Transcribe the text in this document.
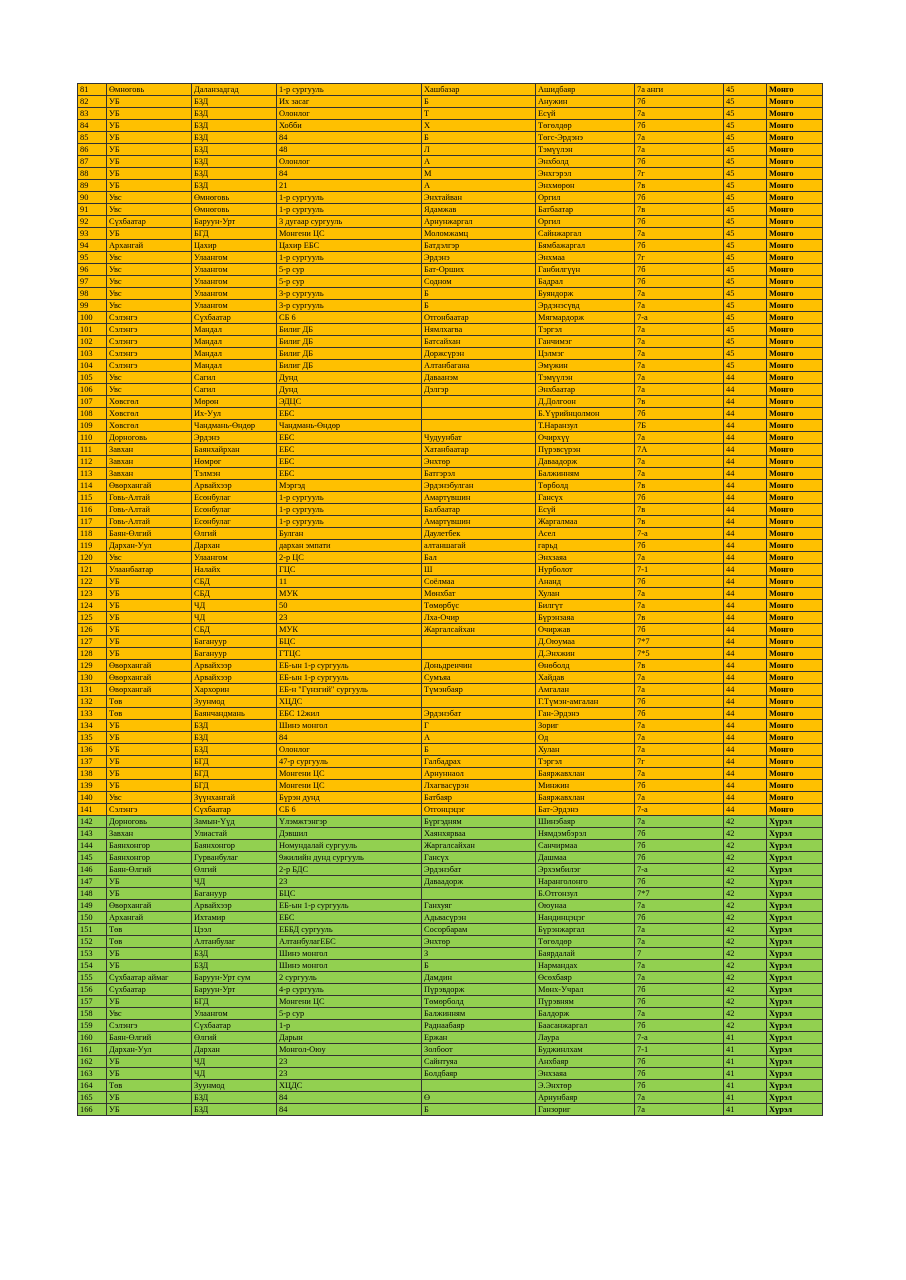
81	Өмнөговь	Даланзадгад	1-р сургууль	Хашбазар	Ашидбаяр	7а анги	45	Монго
82	УБ	БЗД	Их засаг	Б	Анужин	7б	45	Монго
83	УБ	БЗД	Олонлог	Т	Есүй	7а	45	Монго
84	УБ	БЗД	Хобби	Х	Төгөлдөр	7б	45	Монго
85	УБ	БЗД	84	Б	Төгс-Эрдэнэ	7а	45	Монго
86	УБ	БЗД	48	Л	Тэмүүлэн	7а	45	Монго
87	УБ	БЗД	Олонлог	А	Энхболд	7б	45	Монго
88	УБ	БЗД	84	М	Энхгэрэл	7г	45	Монго
89	УБ	БЗД	21	А	Энхмөрөн	7в	45	Монго
90	Увс	Өмнөговь	1-р сургууль	Энхтайван	Оргил	7б	45	Монго
91	Увс	Өмнөговь	1-р сургууль	Ядамжав	Батбаатар	7в	45	Монго
92	Сүхбаатар	Баруун-Урт	3 дугаар сургууль	Арнунжаргал	Оргил	7б	45	Монго
93	УБ	БГД	Монгени ЦС	Моломжамц	Сайнжаргал	7а	45	Монго
94	Архангай	Цахир	Цахир ЕБС	Батдэлгэр	Бямбажаргал	7б	45	Монго
95	Увс	Улаангом	1-р сургууль	Эрдэнэ	Энхмаа	7г	45	Монго
96	Увс	Улаангом	5-р сур	Бат-Орших	Ганбилгүүн	7б	45	Монго
97	Увс	Улаангом	5-р сур	Содном	Бадрал	7б	45	Монго
98	Увс	Улаангом	3-р сургууль	Б	Буяндорж	7а	45	Монго
99	Увс	Улаангом	3-р сургууль	Б	Эрдэнэсүвд	7а	45	Монго
100	Сэлэнгэ	Сүхбаатар	СБ 6	Отгонбаатар	Мягмардорж	7-а	45	Монго
101	Сэлэнгэ	Мандал	Билиг ДБ	Нямлхагва	Тэргэл	7а	45	Монго
102	Сэлэнгэ	Мандал	Билиг ДБ	Батсайхан	Ганчимэг	7а	45	Монго
103	Сэлэнгэ	Мандал	Билиг ДБ	Доржсүрэн	Цэлмэг	7а	45	Монго
104	Сэлэнгэ	Мандал	Билиг ДБ	Алтанбагана	Эмүжин	7а	45	Монго
105	Увс	Сагил	Дунд	Даваанэм	Тэмүүлэн	7а	44	Монго
106	Увс	Сагил	Дунд	Дэлгэр	Энхбаатар	7а	44	Монго
107	Хөвсгөл	Мөрөн	ЭДЦС		Д.Долгоон	7в	44	Монго
108	Хөвсгөл	Их-Уул	ЕБС		Б.Үүрийнцолмон	7б	44	Монго
109	Хөвсгөл	Чандмань-Өндөр	Чандмань-Өндөр		Т.Наранзул	7Б	44	Монго
110	Дорноговь	Эрдэнэ	ЕБС	Чудуунбат	Очирхүү	7а	44	Монго
111	Завхан	Баянхайрхан	ЕБС	Хатанбаатар	Пүрэвсүрэн	7А	44	Монго
112	Завхан	Нөмрөг	ЕБС	Энхтөр	Даваадорж	7а	44	Монго
113	Завхан	Тэлмэн	ЕБС	Батгэрэл	Балжинням	7а	44	Монго
114	Өвөрхангай	Арвайхээр	Мэргэд	Эрдэнэбулган	Төрболд	7в	44	Монго
115	Говь-Алтай	Есөнбулаг	1-р сургууль	Амартүвшин	Гансүх	7б	44	Монго
116	Говь-Алтай	Есөнбулаг	1-р сургууль	Балбаатар	Есүй	7в	44	Монго
117	Говь-Алтай	Есөнбулаг	1-р сургууль	Амартүвшин	Жаргалмаа	7в	44	Монго
118	Баян-Өлгий	Өлгий	Булган	Даулетбек	Асел	7-а	44	Монго
119	Дархан-Уул	Дархан	дархан эмпати	алтаншагай	гарьд	7б	44	Монго
120	Увс	Улаангом	2-р ЦС	Бал	Энхзаяа	7а	44	Монго
121	Улаанбаатар	Налайх	ГЦС	Ш	Нурболот	7-1	44	Монго
122	УБ	СБД	11	Соёлмаа	Ананд	7б	44	Монго
123	УБ	СБД	МУК	Мөнхбат	Хулан	7а	44	Монго
124	УБ	ЧД	50	Төмөрбүс	Билгүт	7а	44	Монго
125	УБ	ЧД	23	Лха-Очир	Бүрэнзаяа	7в	44	Монго
126	УБ	СБД	МУК	Жаргалсайхан	Очиржав	7б	44	Монго
127	УБ	Багануур	БЦС		Д.Оюумаа	7*7	44	Монго
128	УБ	Багануур	ГТЦС		Д.Энхжин	7*5	44	Монго
129	Өвөрхангай	Арвайхээр	ЕБ-ын 1-р сургууль	Доньдренчин	Өнөболд	7в	44	Монго
130	Өвөрхангай	Арвайхээр	ЕБ-ын 1-р сургууль	Сумъяа	Хайдав	7а	44	Монго
131	Өвөрхангай	Хархорин	ЕБ-н "Гүнзгий" сургууль	Түмэнбаяр	Амгалан	7а	44	Монго
132	Төв	Зуунмод	ХЦДС		Г.Түмэн-амгалан	7б	44	Монго
133	Төв	Баянчандмань	ЕБС 12жил	Эрдэнэбат	Ган-Эрдэнэ	7б	44	Монго
134	УБ	БЗД	Шинэ монгол	Г	Зориг	7а	44	Монго
135	УБ	БЗД	84	А	Од	7а	44	Монго
136	УБ	БЗД	Олонлог	Б	Хулан	7а	44	Монго
137	УБ	БГД	47-р сургууль	Галбадрах	Тэргэл	7г	44	Монго
138	УБ	БГД	Монгени ЦС	Арнуннаол	Баяржавхлан	7а	44	Монго
139	УБ	БГД	Монгени ЦС	Лхагвасүрэн	Минжин	7б	44	Монго
140	Увс	Зүүнхангай	Бүрэн дунд	Батбаяр	Баяржавхлан	7а	44	Монго
141	Сэлэнгэ	Сүхбаатар	СБ 6	Отгонцэцэг	Бат-Эрдэнэ	7-а	44	Монго
142	Дорноговь	Замын-Үүд	Үлэмжтэнгэр	Бүргэдням	Шинэбаяр	7а	42	Хүрэл
143	Завхан	Улиастай	Дэвшил	Хаянхярваа	Нямдэмбэрэл	7б	42	Хүрэл
144	Баянхонгор	Баянхонгор	Номундалай сургууль	Жаргалсайхан	Санчирмаа	7б	42	Хүрэл
145	Баянхонгор	Гурванбулаг	9жилийн дунд сургууль	Гансүх	Дашмаа	7б	42	Хүрэл
146	Баян-Өлгий	Өлгий	2-р БДС	Эрдэнэбат	Эрхэмбилэг	7-а	42	Хүрэл
147	УБ	ЧД	23	Даваадорж	Наранголонго	7б	42	Хүрэл
148	УБ	Багануур	БЦС		Б.Отгонзул	7*7	42	Хүрэл
149	Өвөрхангай	Арвайхээр	ЕБ-ын 1-р сургууль	Ганхуяг	Оюунаа	7а	42	Хүрэл
150	Архангай	Ихтамир	ЕБС	Адьвасүрэн	Нандинцэцэг	7б	42	Хүрэл
151	Төв	Цээл	ЕББД сургууль	Сосорбарам	Бүрэнжаргал	7а	42	Хүрэл
152	Төв	Алтанбулаг	АлтанбулагЕБС	Энхтөр	Төгөлдөр	7а	42	Хүрэл
153	УБ	БЗД	Шинэ монгол	З	Баярдалай	7	42	Хүрэл
154	УБ	БЗД	Шинэ монгол	Б	Нармандах	7а	42	Хүрэл
155	Сүхбаатар аймаг	Баруун-Урт сум	2 сургууль	Дамдин	Өсөхбаяр	7а	42	Хүрэл
156	Сүхбаатар	Баруун-Урт	4-р сургууль	Пүрэвдорж	Мөнх-Учрал	7б	42	Хүрэл
157	УБ	БГД	Монгени ЦС	Төмөрболд	Пүрэвням	7б	42	Хүрэл
158	Увс	Улаангом	5-р сур	Балжинням	Балдорж	7а	42	Хүрэл
159	Сэлэнгэ	Сүхбаатар	1-р	Раднаабаяр	Баасанжаргал	7б	42	Хүрэл
160	Баян-Өлгий	Өлгий	Дарын	Ержан	Лаура	7-а	41	Хүрэл
161	Дархан-Уул	Дархан	Монгол-Оюу	Золбоот	Буджинлхам	7-1	41	Хүрэл
162	УБ	ЧД	23	Сайнтуяа	Анхбаяр	7б	41	Хүрэл
163	УБ	ЧД	23	Болдбаяр	Энхзаяа	7б	41	Хүрэл
164	Төв	Зуунмод	ХЦДС		Э.Энхтөр	7б	41	Хүрэл
165	УБ	БЗД	84	Ө	Арнунбаяр	7а	41	Хүрэл
166	УБ	БЗД	84	Б	Ганзориг	7а	41	Хүрэл
